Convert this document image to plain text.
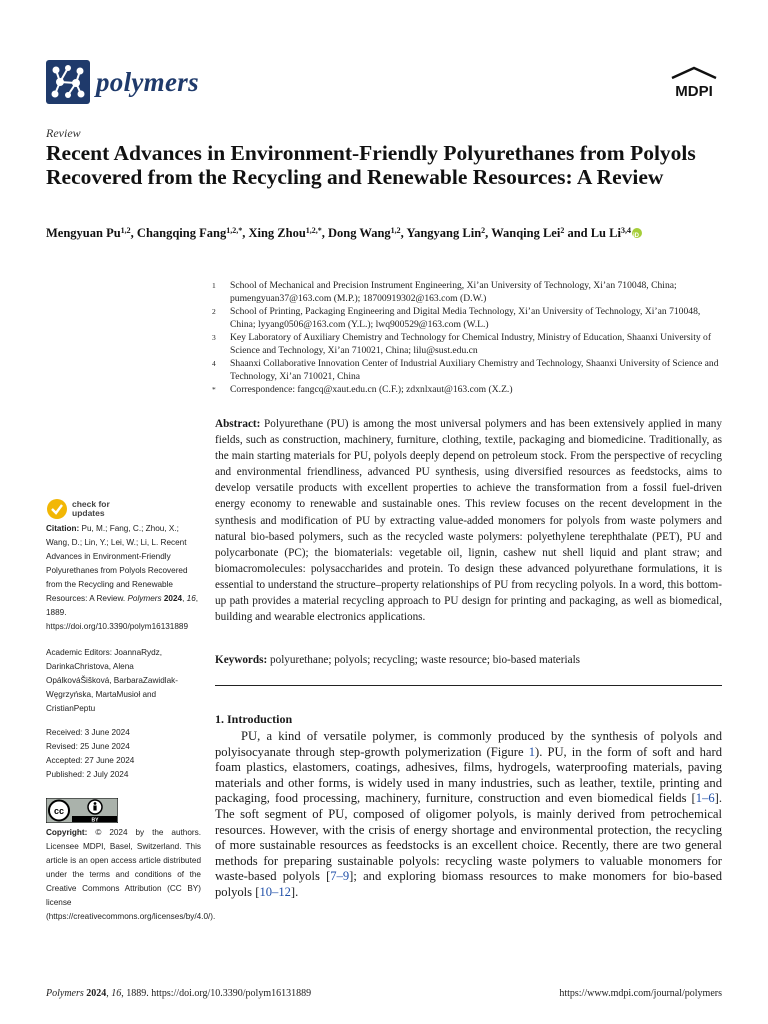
polymers	MDPI
Review
Recent Advances in Environment-Friendly Polyurethanes from Polyols Recovered from the Recycling and Renewable Resources: A Review
Mengyuan Pu$^{1,2}$, Changqing Fang$^{1,2,*}$, Xing Zhou$^{1,2,*}$, Dong Wang$^{1,2}$, Yangyang Lin$^2$, Wanqing Lei$^2$ and Lu Li$^{3,4}$iD
1	School of Mechanical and Precision Instrument Engineering, Xi’an University of Technology, Xi’an 710048, China; pumengyuan37@163.com (M.P.); 18700919302@163.com (D.W.)
2	School of Printing, Packaging Engineering and Digital Media Technology, Xi’an University of Technology, Xi’an 710048, China; lyyang0506@163.com (Y.L.); lwq900529@163.com (W.L.)
3	Key Laboratory of Auxiliary Chemistry and Technology for Chemical Industry, Ministry of Education, Shaanxi University of Science and Technology, Xi’an 710021, China; lilu@sust.edu.cn
4	Shaanxi Collaborative Innovation Center of Industrial Auxiliary Chemistry and Technology, Shaanxi University of Science and Technology, Xi’an 710021, China
*	Correspondence: fangcq@xaut.edu.cn (C.F.); zdxnlxaut@163.com (X.Z.)
Abstract: Polyurethane (PU) is among the most universal polymers and has been extensively applied in many fields, such as construction, machinery, furniture, clothing, textile, packaging and biomedicine. Traditionally, as the main starting materials for PU, polyols deeply depend on petroleum stock. From the perspective of recycling and environmental friendliness, advanced PU synthesis, using diversified resources as feedstocks, aims to develop versatile products with excellent properties to achieve the transformation from a fossil fuel-driven energy economy to renewable and sustainable ones. This review focuses on the recent development in the synthesis and modification of PU by extracting value-added monomers for polyols from waste polymers and natural bio-based polymers, such as the recycled waste polymers: polyethylene terephthalate (PET), PU and polycarbonate (PC); the biomaterials: vegetable oil, lignin, cashew nut shell liquid and plant straw; and biomacromolecules: polysaccharides and protein. To design these advanced polyurethane formulations, it is essential to understand the structure–property relationships of PU from recycling polyols. In a word, this bottom-up path provides a material recycling approach to PU design for printing and packaging, as well as biomedical, building and wearable electronics applications.
Keywords: polyurethane; polyols; recycling; waste resource; bio-based materials
1. Introduction

PU, a kind of versatile polymer, is commonly produced by the synthesis of polyols and polyisocyanate through step-growth polymerization (Figure 1). PU, in the form of soft and hard foam plastics, elastomers, coatings, adhesives, films, hydrogels, waterproofing materials, paving materials and other forms, is widely used in many industries, such as leather, textile, printing and packaging, food processing, machinery, furniture, construction and even biomedical fields [1–6]. The soft segment of PU, composed of oligomer polyols, is mainly derived from petrochemical resources. However, with the crisis of energy shortage and environmental protection, the recycling of more sustainable resources as feedstocks is an excellent choice. Recently, there are two general methods for preparing sustainable polyols: recycling waste polymers to valuable monomers for waste-based polyols [7–9]; and exploring biomass resources to make monomers for bio-based polyols [10–12].

check for
updates
Citation: Pu, M.; Fang, C.; Zhou, X.; Wang, D.; Lin, Y.; Lei, W.; Li, L. Recent Advances in Environment-Friendly Polyurethanes from Polyols Recovered from the Recycling and Renewable Resources: A Review. Polymers 2024, 16, 1889. https://doi.org/10.3390/polym16131889
Academic Editors: JoannaRydz, DarinkaChristova, Alena OpálkováŠišková, BarbaraZawidlak-Węgrzyńska, MartaMusioł and CristianPeptu
Received: 3 June 2024
Revised: 25 June 2024
Accepted: 27 June 2024
Published: 2 July 2024
cc
BY
Copyright: © 2024 by the authors. Licensee MDPI, Basel, Switzerland. This article is an open access article distributed under the terms and conditions of the Creative Commons Attribution (CC BY) license (https://creativecommons.org/licenses/by/4.0/).
Polymers 2024, 16, 1889. https://doi.org/10.3390/polym16131889	https://www.mdpi.com/journal/polymers
